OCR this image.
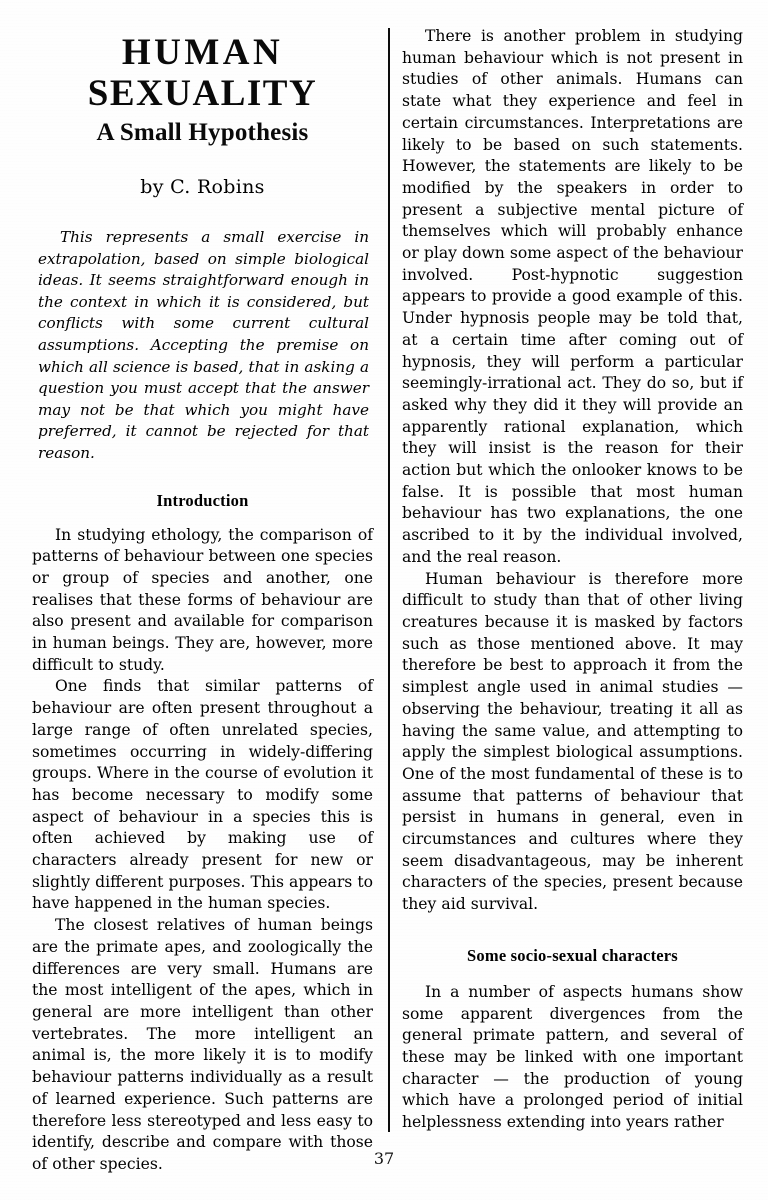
HUMAN
SEXUALITY
A Small Hypothesis
by C. Robins
This represents a small exercise in extrapolation, based on simple biological ideas. It seems straightforward enough in the context in which it is considered, but conflicts with some current cultural assumptions. Accepting the premise on which all science is based, that in asking a question you must accept that the answer may not be that which you might have preferred, it cannot be rejected for that reason.
Introduction

In studying ethology, the comparison of patterns of behaviour between one species or group of species and another, one realises that these forms of behaviour are also present and available for comparison in human beings. They are, however, more difficult to study.

One finds that similar patterns of behaviour are often present throughout a large range of often unrelated species, sometimes occurring in widely-differing groups. Where in the course of evolution it has become necessary to modify some aspect of behaviour in a species this is often achieved by making use of characters already present for new or slightly different purposes. This appears to have happened in the human species.

The closest relatives of human beings are the primate apes, and zoologically the differences are very small. Humans are the most intelligent of the apes, which in general are more intelligent than other vertebrates. The more intelligent an animal is, the more likely it is to modify behaviour patterns individually as a result of learned experience. Such patterns are therefore less stereotyped and less easy to identify, describe and compare with those of other species.

There is another problem in studying human behaviour which is not present in studies of other animals. Humans can state what they experience and feel in certain circumstances. Interpretations are likely to be based on such statements. However, the statements are likely to be modified by the speakers in order to present a subjective mental picture of themselves which will probably enhance or play down some aspect of the behaviour involved. Post-hypnotic suggestion appears to provide a good example of this. Under hypnosis people may be told that, at a certain time after coming out of hypnosis, they will perform a particular seemingly-irrational act. They do so, but if asked why they did it they will provide an apparently rational explanation, which they will insist is the reason for their action but which the onlooker knows to be false. It is possible that most human behaviour has two explanations, the one ascribed to it by the individual involved, and the real reason.

Human behaviour is therefore more difficult to study than that of other living creatures because it is masked by factors such as those mentioned above. It may therefore be best to approach it from the simplest angle used in animal studies — observing the behaviour, treating it all as having the same value, and attempting to apply the simplest biological assumptions. One of the most fundamental of these is to assume that patterns of behaviour that persist in humans in general, even in circumstances and cultures where they seem disadvantageous, may be inherent characters of the species, present because they aid survival.

Some socio-sexual characters

In a number of aspects humans show some apparent divergences from the general primate pattern, and several of these may be linked with one important character — the production of young which have a prolonged period of initial helplessness extending into years rather

37
